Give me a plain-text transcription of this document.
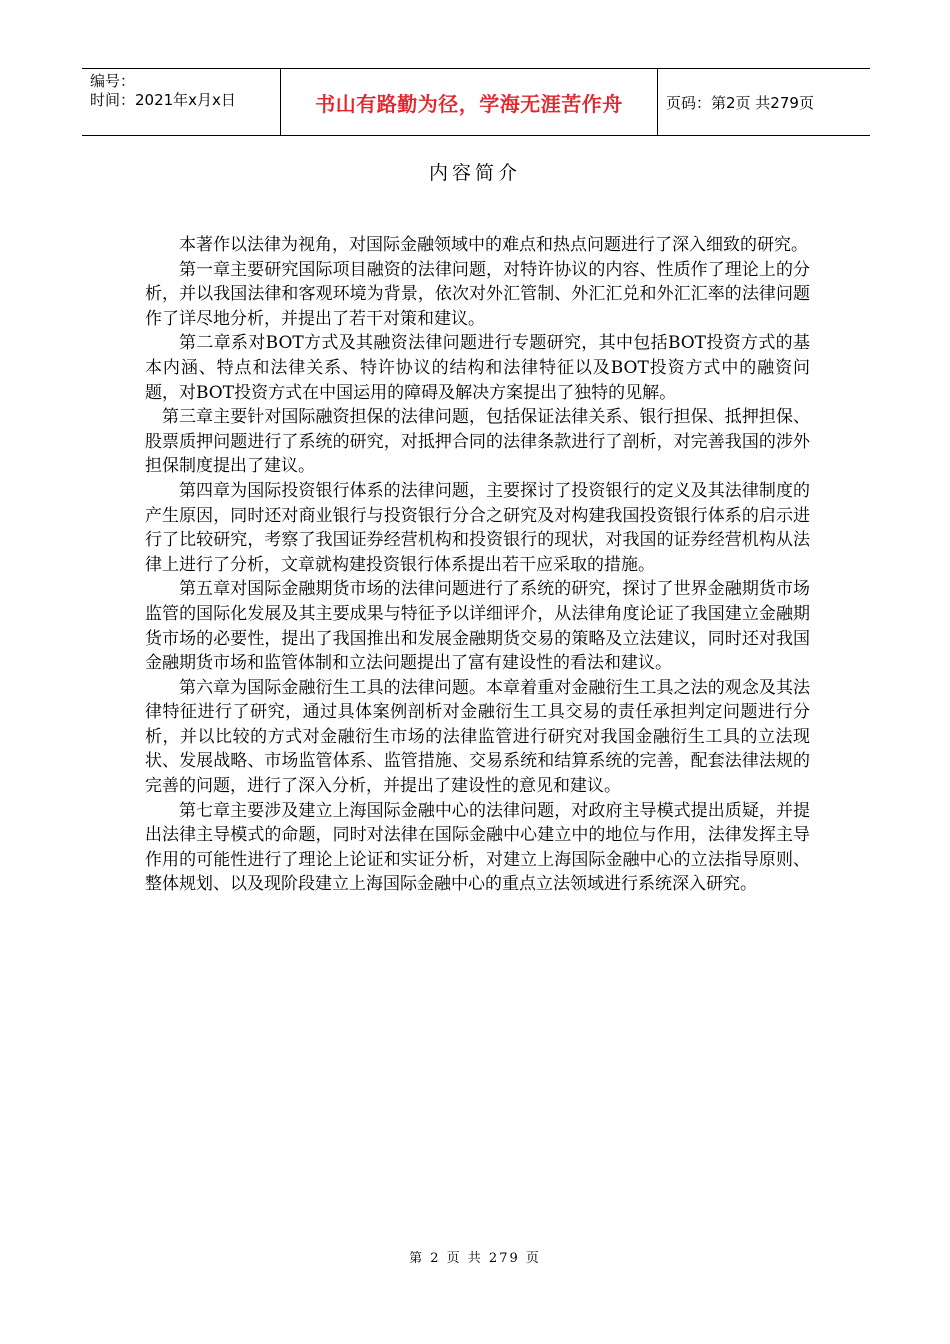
编号：
时间：2021年x月x日	书山有路勤为径，学海无涯苦作舟	页码：第2页 共279页
内容简介

本著作以法律为视角，对国际金融领域中的难点和热点问题进行了深入细致的研究。

第一章主要研究国际项目融资的法律问题，对特许协议的内容、性质作了理论上的分析，并以我国法律和客观环境为背景，依次对外汇管制、外汇汇兑和外汇汇率的法律问题作了详尽地分析，并提出了若干对策和建议。

第二章系对BOT方式及其融资法律问题进行专题研究，其中包括BOT投资方式的基本内涵、特点和法律关系、特许协议的结构和法律特征以及BOT投资方式中的融资问题，对BOT投资方式在中国运用的障碍及解决方案提出了独特的见解。

第三章主要针对国际融资担保的法律问题，包括保证法律关系、银行担保、抵押担保、股票质押问题进行了系统的研究，对抵押合同的法律条款进行了剖析，对完善我国的涉外担保制度提出了建议。

第四章为国际投资银行体系的法律问题，主要探讨了投资银行的定义及其法律制度的产生原因，同时还对商业银行与投资银行分合之研究及对构建我国投资银行体系的启示进行了比较研究，考察了我国证券经营机构和投资银行的现状，对我国的证券经营机构从法律上进行了分析，文章就构建投资银行体系提出若干应采取的措施。

第五章对国际金融期货市场的法律问题进行了系统的研究，探讨了世界金融期货市场监管的国际化发展及其主要成果与特征予以详细评介，从法律角度论证了我国建立金融期货市场的必要性，提出了我国推出和发展金融期货交易的策略及立法建议，同时还对我国金融期货市场和监管体制和立法问题提出了富有建设性的看法和建议。

第六章为国际金融衍生工具的法律问题。本章着重对金融衍生工具之法的观念及其法律特征进行了研究，通过具体案例剖析对金融衍生工具交易的责任承担判定问题进行分析，并以比较的方式对金融衍生市场的法律监管进行研究对我国金融衍生工具的立法现状、发展战略、市场监管体系、监管措施、交易系统和结算系统的完善，配套法律法规的完善的问题，进行了深入分析，并提出了建设性的意见和建议。

第七章主要涉及建立上海国际金融中心的法律问题，对政府主导模式提出质疑，并提出法律主导模式的命题，同时对法律在国际金融中心建立中的地位与作用，法律发挥主导作用的可能性进行了理论上论证和实证分析，对建立上海国际金融中心的立法指导原则、整体规划、以及现阶段建立上海国际金融中心的重点立法领域进行系统深入研究。

第 2 页 共 279 页
